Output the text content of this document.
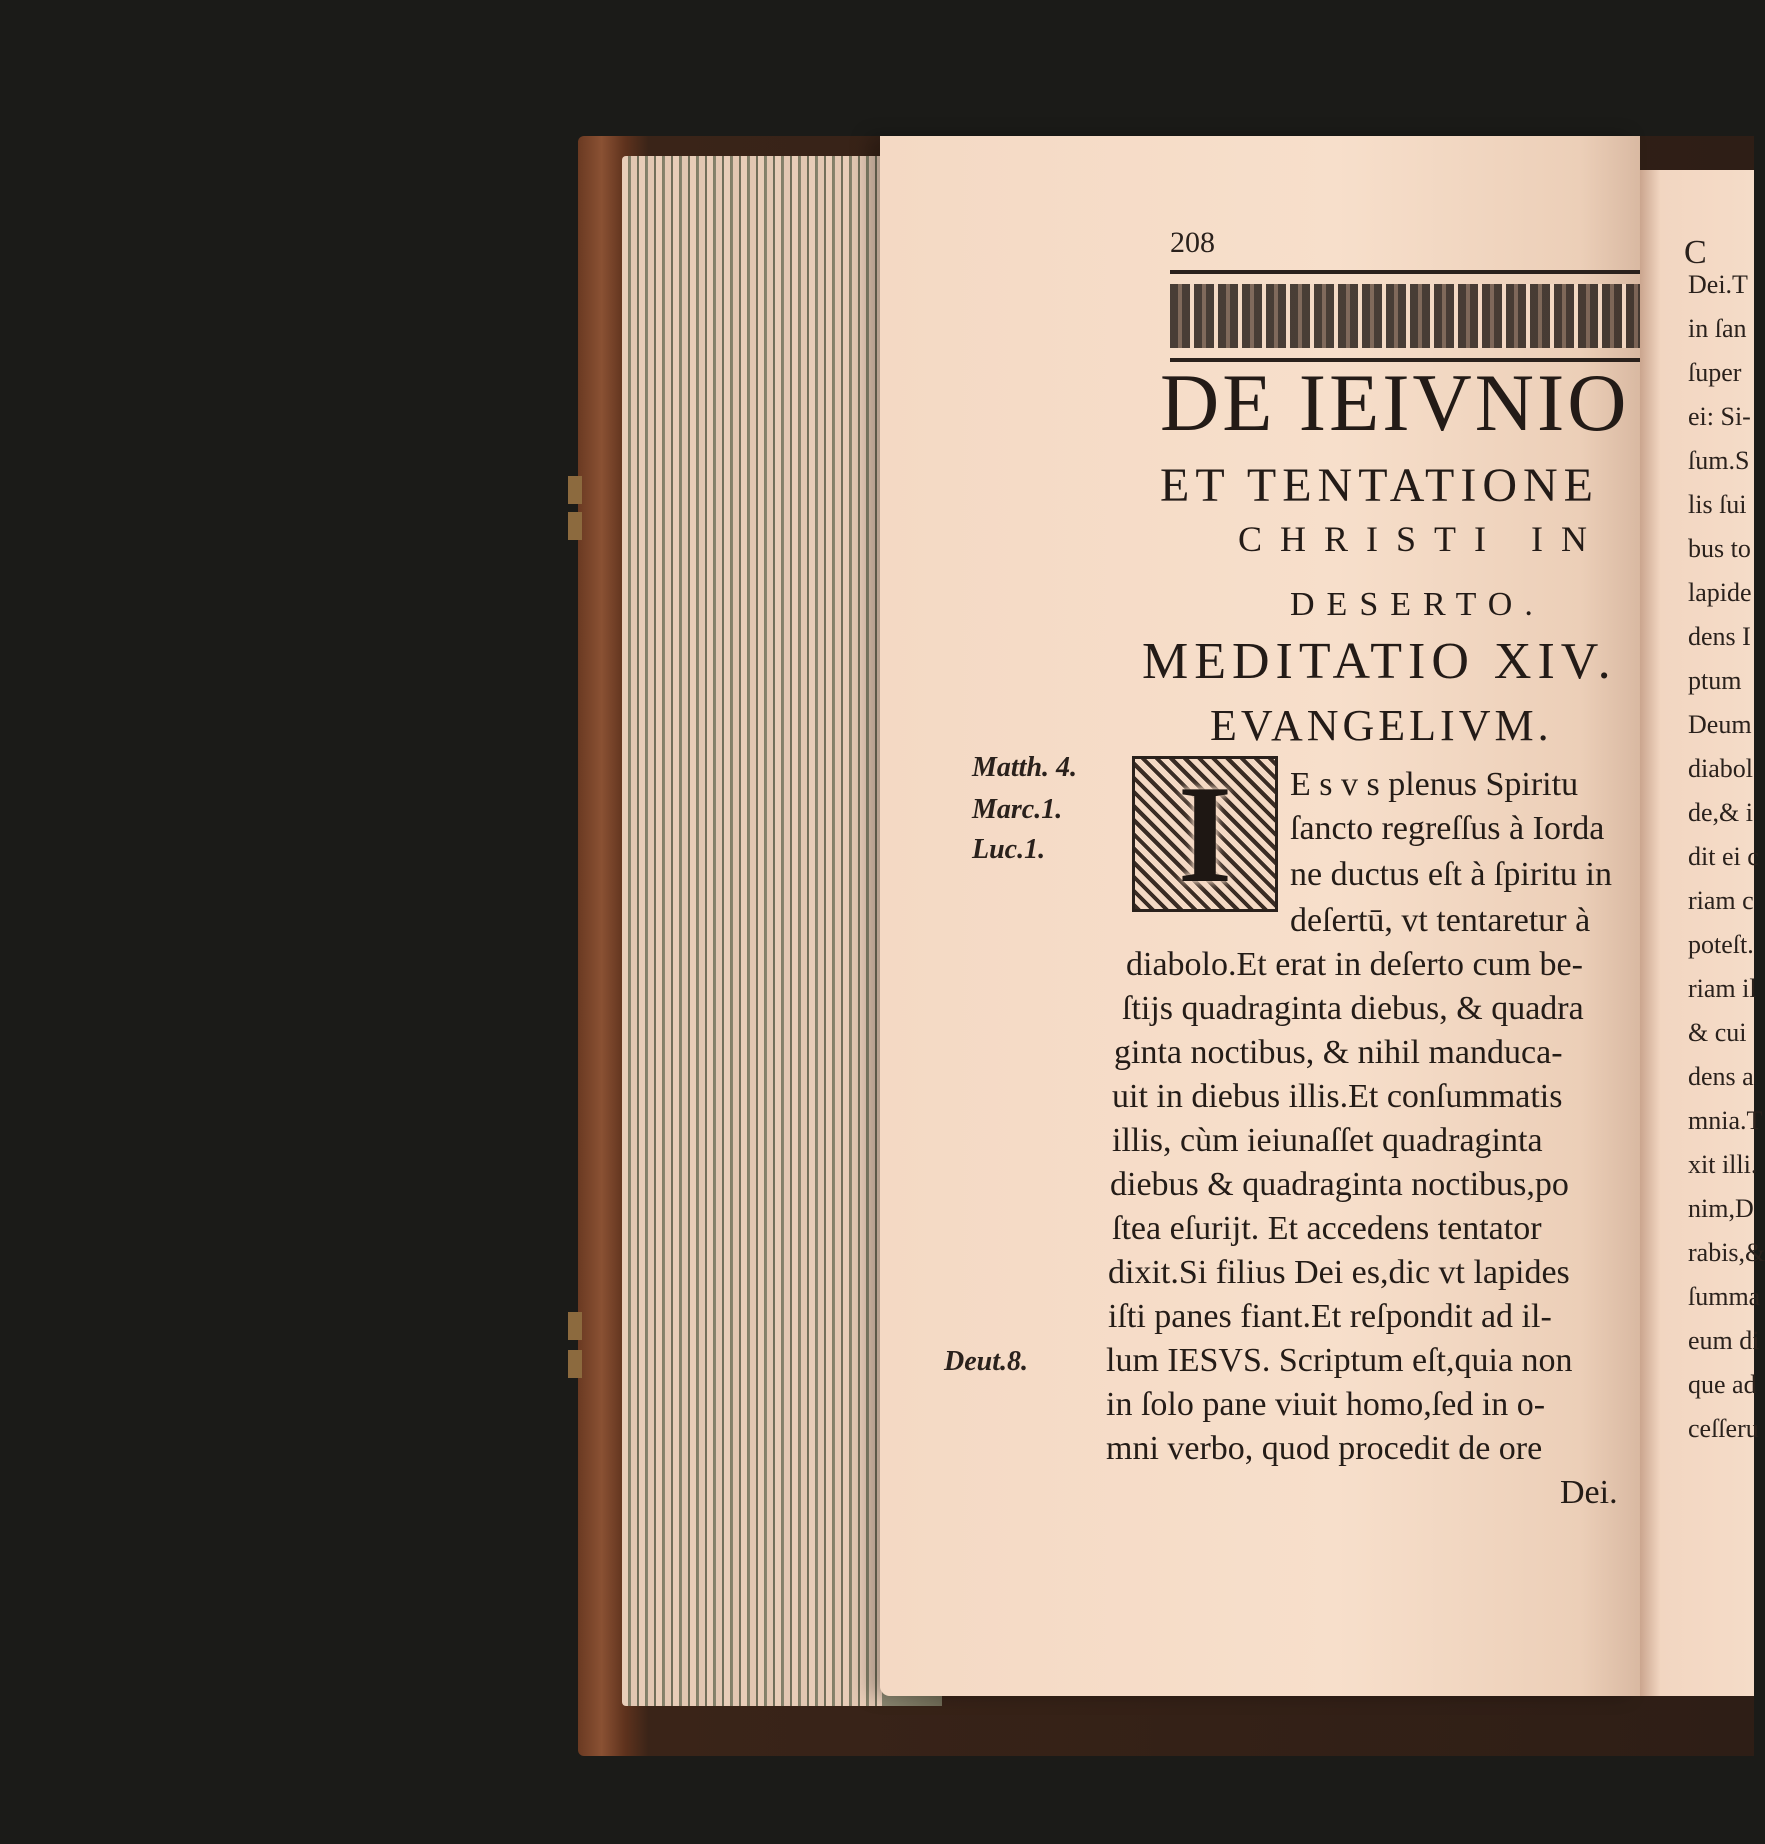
C
Dei.T
in ſan
ſuper
ei: Si-
ſum.S
lis ſui
bus to
lapide
dens I
ptum
Deum
diabol
de,& i
dit ei c
riam c
poteſt.
riam il
& cui
dens a
mnia.T
xit illi.
nim,D
rabis,&
ſumma
eum di
que ad
ceſſeru
208
DE IEIVNIO
ET TENTATIONE
CHRISTI IN
DESERTO.
MEDITATIO XIV.
EVANGELIVM.
Matth. 4.
Marc.1.
Luc.1.
Deut.8.
I	E s v s plenus Spiritu
ſancto regreſſus à Iorda
ne ductus eſt à ſpiritu in
deſertū, vt tentaretur à
diabolo.Et erat in deſerto cum be-
ſtijs quadraginta diebus, & quadra
ginta noctibus, & nihil manduca-
uit in diebus illis.Et conſummatis
illis, cùm ieiunaſſet quadraginta
diebus & quadraginta noctibus,po
ſtea eſurijt. Et accedens tentator
dixit.Si filius Dei es,dic vt lapides
iſti panes fiant.Et reſpondit ad il-
lum IESVS. Scriptum eſt,quia non
in ſolo pane viuit homo,ſed in o-
mni verbo, quod procedit de ore
Dei.
